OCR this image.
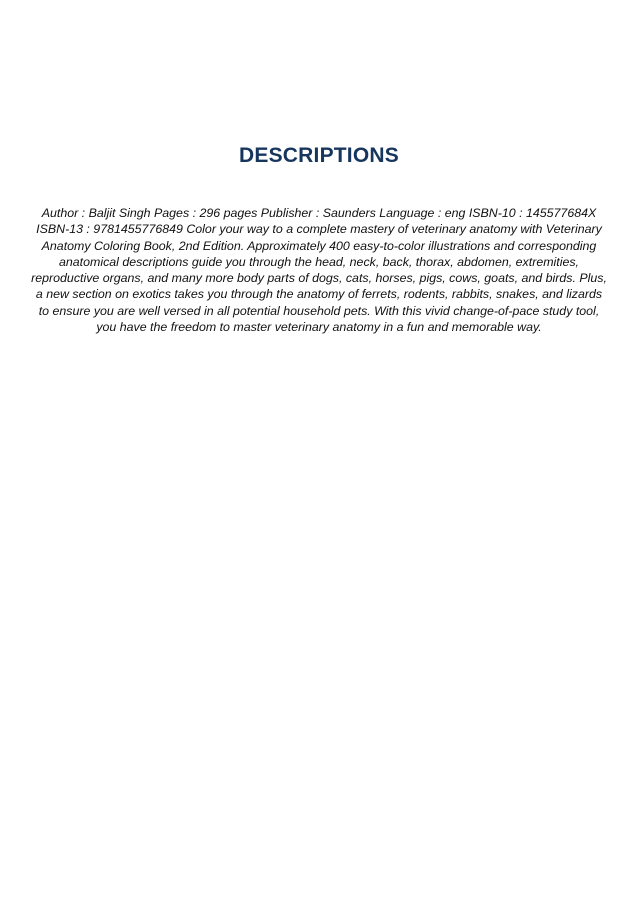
DESCRIPTIONS

Author : Baljit Singh Pages : 296 pages Publisher : Saunders Language : eng ISBN-10 : 145577684X ISBN-13 : 9781455776849 Color your way to a complete mastery of veterinary anatomy with Veterinary Anatomy Coloring Book, 2nd Edition. Approximately 400 easy-to-color illustrations and corresponding anatomical descriptions guide you through the head, neck, back, thorax, abdomen, extremities, reproductive organs, and many more body parts of dogs, cats, horses, pigs, cows, goats, and birds. Plus, a new section on exotics takes you through the anatomy of ferrets, rodents, rabbits, snakes, and lizards to ensure you are well versed in all potential household pets. With this vivid change-of-pace study tool, you have the freedom to master veterinary anatomy in a fun and memorable way.
